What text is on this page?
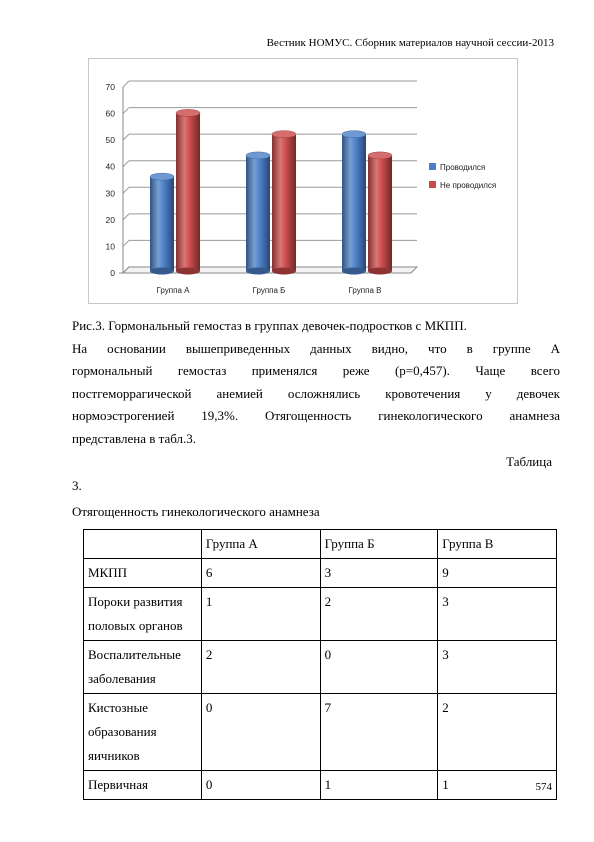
Вестник НОМУС. Сборник материалов научной сессии-2013
0
10
20
30
40
50
60
70
Группа А	Группа Б	Группа В
Проводился
Не проводился
Рис.3. Гормональный гемостаз в группах девочек-подростков с МКПП.
На основании вышеприведенных данных видно, что в группе А
гормональный гемостаз применялся реже (р=0,457). Чаще всего
постгеморрагической анемией осложнялись кровотечения у девочек
нормоэстрогенией 19,3%. Отягощенность гинекологического анамнеза
представлена в табл.3.
Таблица
3.
Отягощенность гинекологического анамнеза
	Группа А	Группа Б	Группа В

МКПП	6	3	9

Пороки развития
половых органов	1	2	3

Воспалительные
заболевания	2	0	3

Кистозные
образования
яичников	0	7	2

Первичная	0	1	1	574
